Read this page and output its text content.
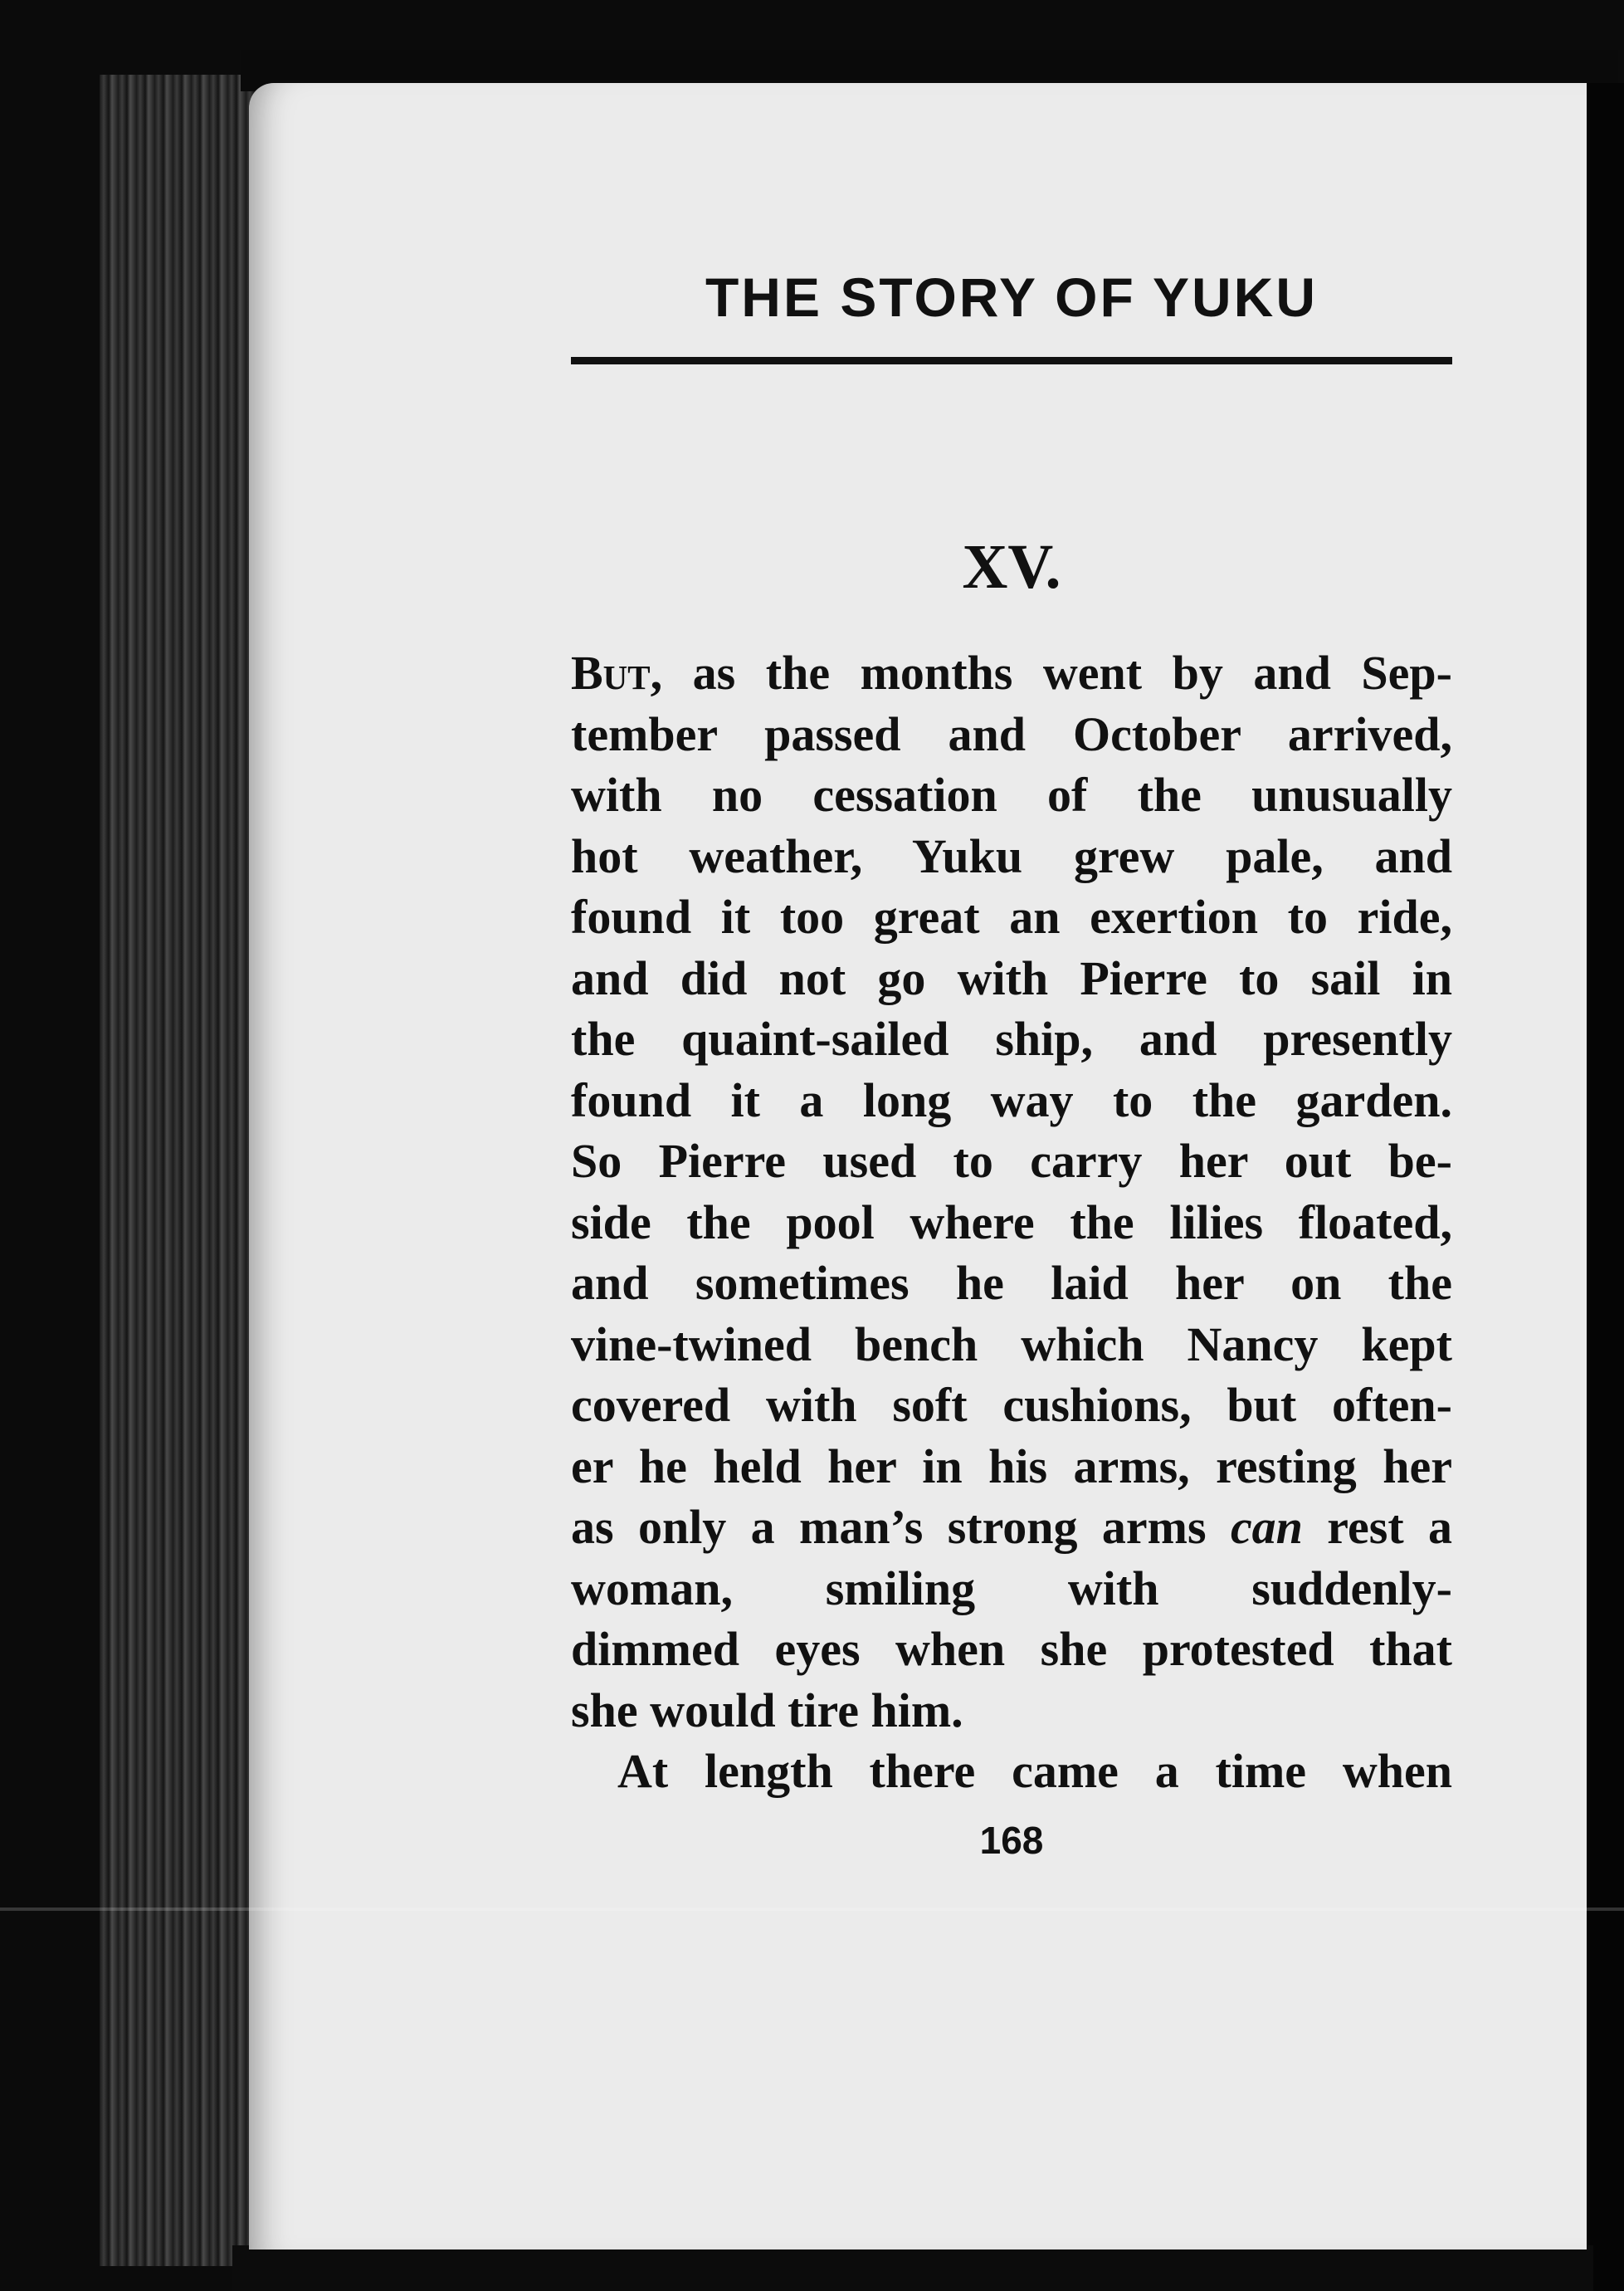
THE STORY OF YUKU
XV.
But, as the months went by and Sep-
tember passed and October arrived,
with no cessation of the unusually
hot weather, Yuku grew pale, and
found it too great an exertion to ride,
and did not go with Pierre to sail in
the quaint-sailed ship, and presently
found it a long way to the garden.
So Pierre used to carry her out be-
side the pool where the lilies floated,
and sometimes he laid her on the
vine-twined bench which Nancy kept
covered with soft cushions, but often-
er he held her in his arms, resting her
as only a man’s strong arms can rest a
woman, smiling with suddenly-
dimmed eyes when she protested that
she would tire him.
At length there came a time when
168
